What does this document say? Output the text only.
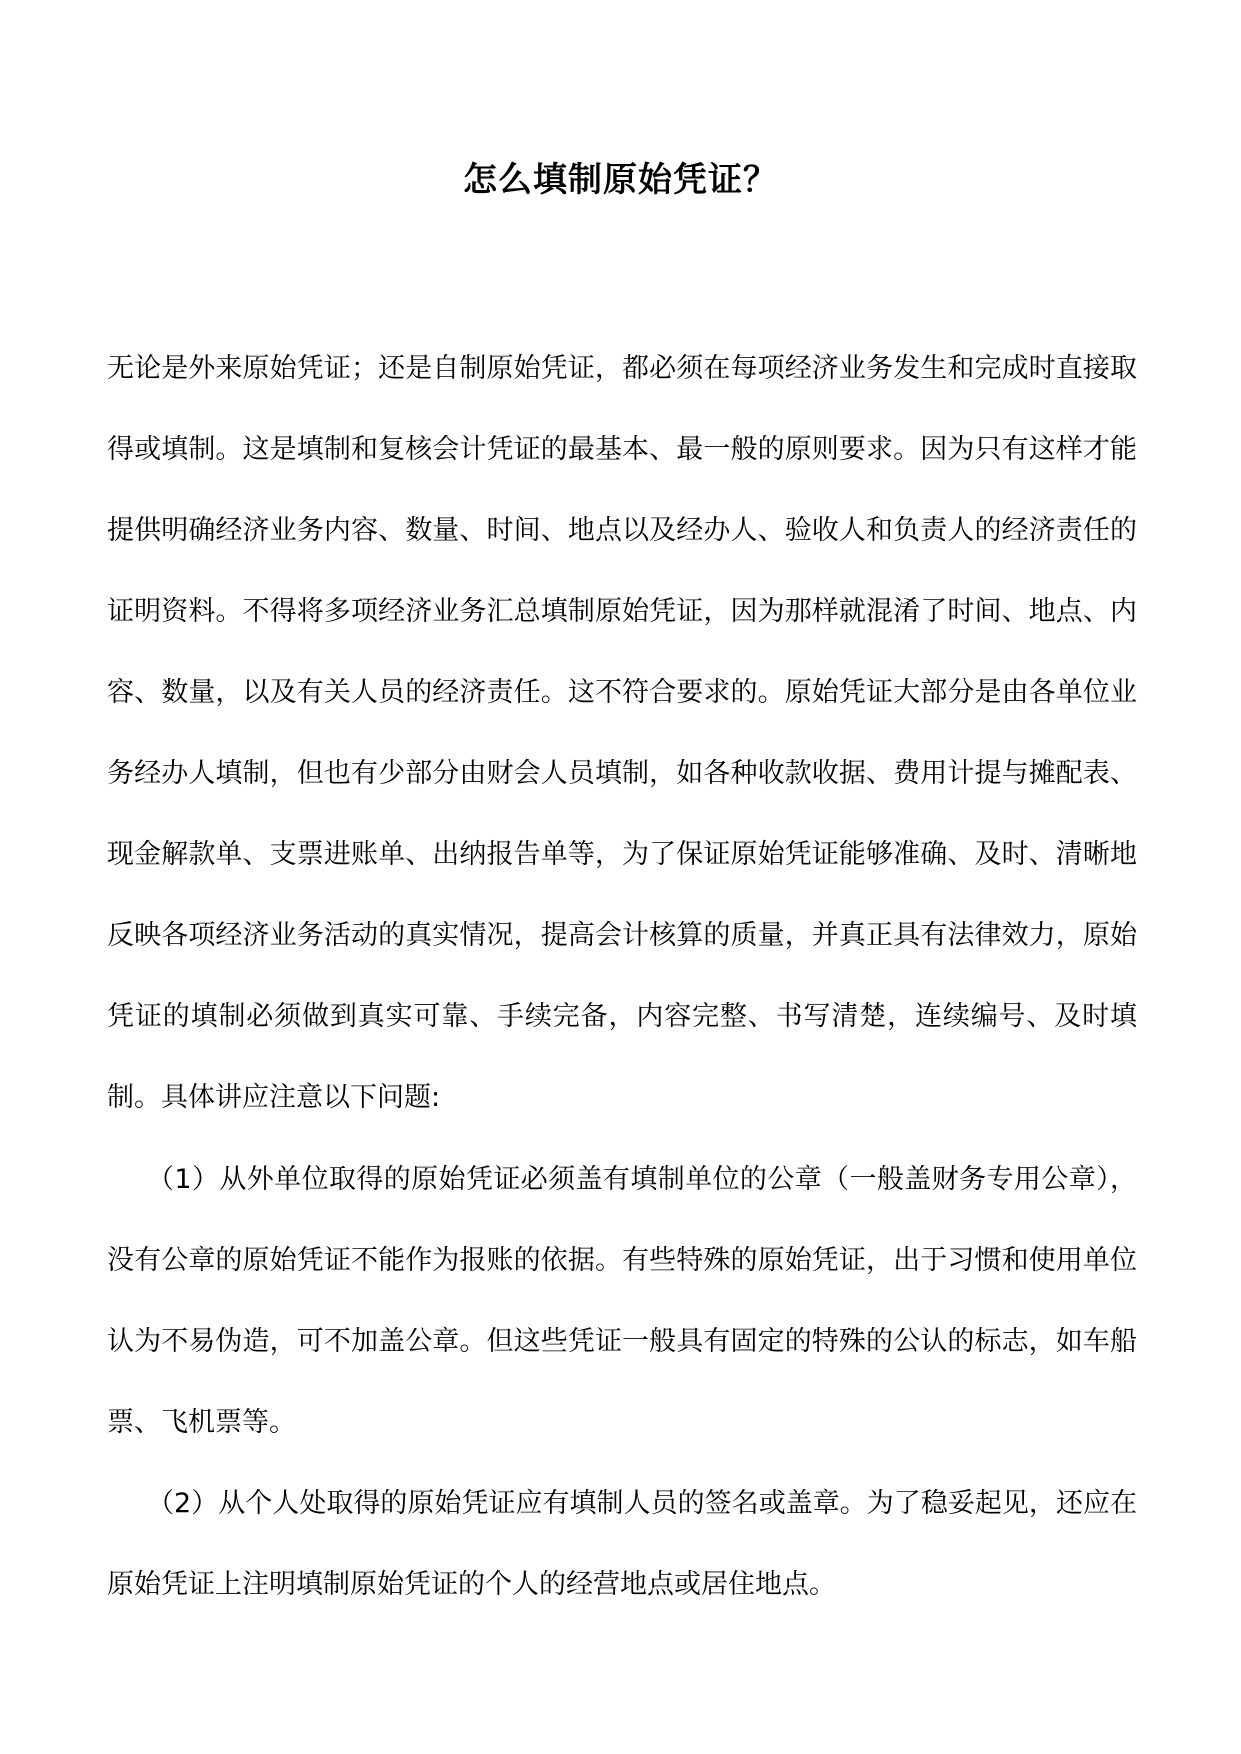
怎么填制原始凭证？

无论是外来原始凭证；还是自制原始凭证，都必须在每项经济业务发生和完成时直接取得或填制。这是填制和复核会计凭证的最基本、最一般的原则要求。因为只有这样才能提供明确经济业务内容、数量、时间、地点以及经办人、验收人和负责人的经济责任的证明资料。不得将多项经济业务汇总填制原始凭证，因为那样就混淆了时间、地点、内容、数量，以及有关人员的经济责任。这不符合要求的。原始凭证大部分是由各单位业务经办人填制，但也有少部分由财会人员填制，如各种收款收据、费用计提与摊配表、现金解款单、支票进账单、出纳报告单等，为了保证原始凭证能够准确、及时、清晰地反映各项经济业务活动的真实情况，提高会计核算的质量，并真正具有法律效力，原始凭证的填制必须做到真实可靠、手续完备，内容完整、书写清楚，连续编号、及时填制。具体讲应注意以下问题:

（1）从外单位取得的原始凭证必须盖有填制单位的公章（一般盖财务专用公章），没有公章的原始凭证不能作为报账的依据。有些特殊的原始凭证，出于习惯和使用单位认为不易伪造，可不加盖公章。但这些凭证一般具有固定的特殊的公认的标志，如车船票、飞机票等。

（2）从个人处取得的原始凭证应有填制人员的签名或盖章。为了稳妥起见，还应在原始凭证上注明填制原始凭证的个人的经营地点或居住地点。
